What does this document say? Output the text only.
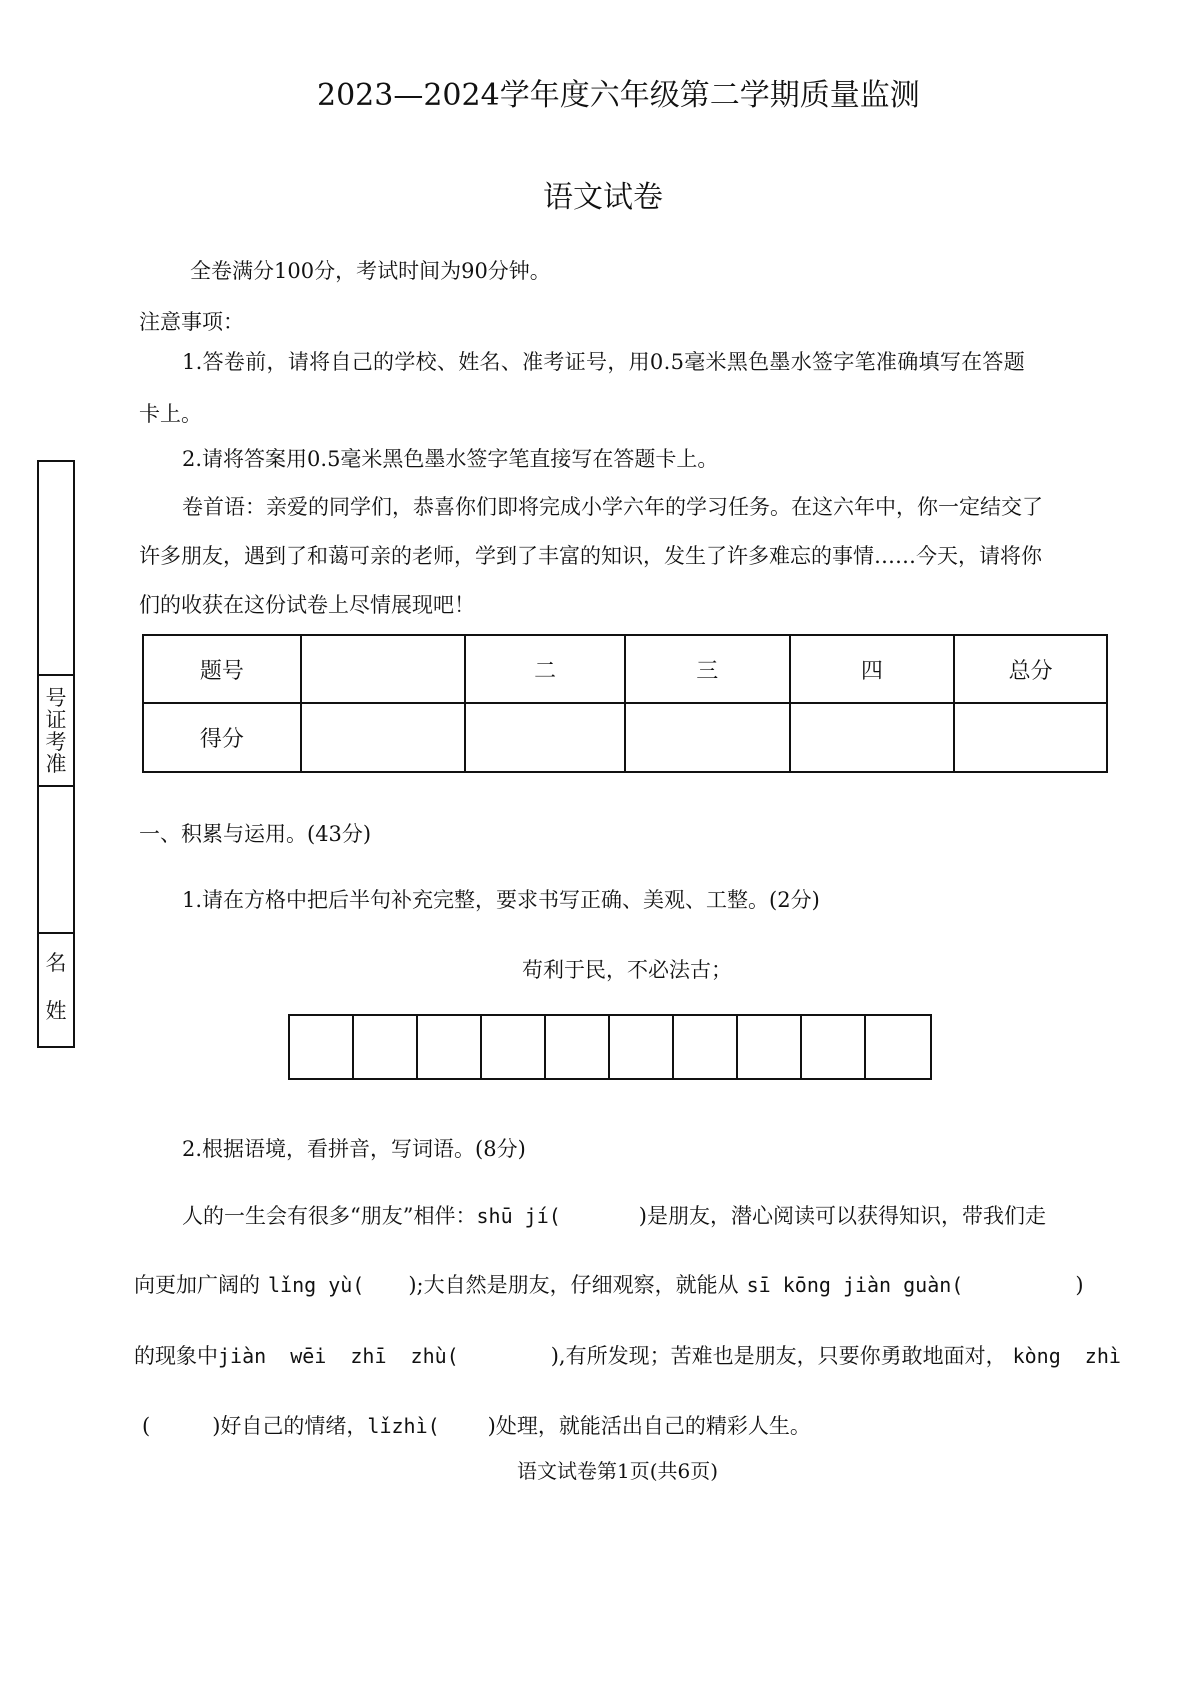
2023—2024学年度六年级第二学期质量监测
语文试卷
全卷满分100分，考试时间为90分钟。
注意事项：
1.答卷前，请将自己的学校、姓名、准考证号，用0.5毫米黑色墨水签字笔准确填写在答题
卡上。
2.请将答案用0.5毫米黑色墨水签字笔直接写在答题卡上。
卷首语：亲爱的同学们，恭喜你们即将完成小学六年的学习任务。在这六年中，你一定结交了
许多朋友，遇到了和蔼可亲的老师，学到了丰富的知识，发生了许多难忘的事情……今天，请将你
们的收获在这份试卷上尽情展现吧！
号
证
考
准
名
姓
题号		二	三	四	总分
得分					
一、积累与运用。(43分)
1.请在方格中把后半句补充完整，要求书写正确、美观、工整。(2分)
苟利于民，不必法古；
2.根据语境，看拼音，写词语。(8分)
人的一生会有很多“朋友”相伴：shū jí(	)是朋友，潜心阅读可以获得知识，带我们走
向更加广阔的 lǐng yù( );大自然是朋友，仔细观察，就能从 sī kōng jiàn guàn(	)
的现象中jiàn wēi zhī zhù(	),有所发现；苦难也是朋友，只要你勇敢地面对， kòng zhì
(	)好自己的情绪，lǐzhì( )处理，就能活出自己的精彩人生。
语文试卷第1页(共6页)
